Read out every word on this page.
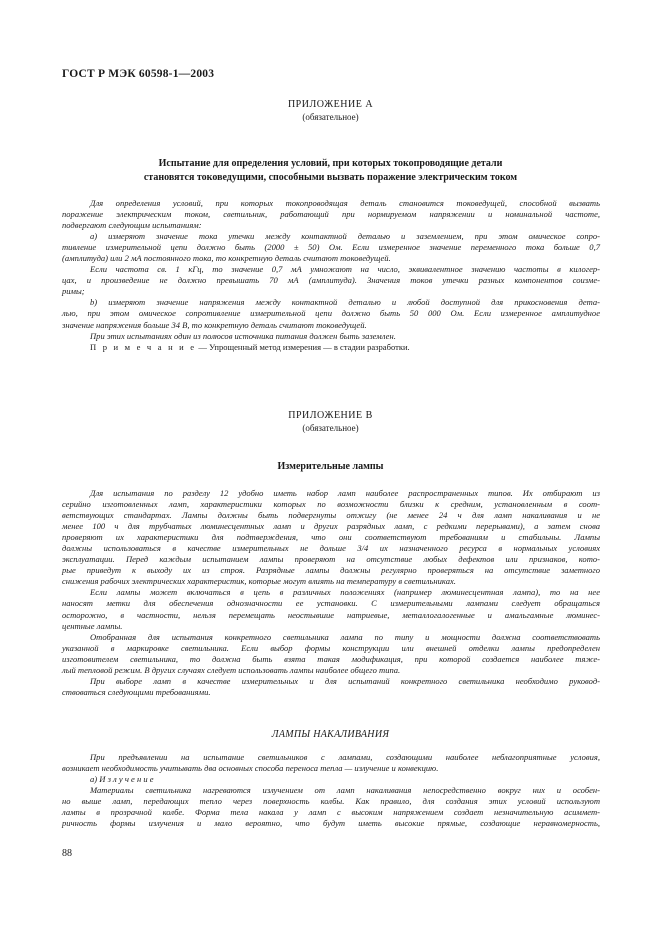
ГОСТ Р МЭК 60598-1—2003
ПРИЛОЖЕНИЕ А
(обязательное)
Испытание для определения условий, при которых токопроводящие детали
становятся токоведущими, способными вызвать поражение электрическим током
Для определения условий, при которых токопроводящая деталь становится токоведущей, способной вызвать
поражение электрическим током, светильник, работающий при нормируемом напряжении и номинальной частоте,
подвергают следующим испытаниям:
а) измеряют значение тока утечки между контактной деталью и заземлением, при этом омическое сопро-
тивление измерительной цепи должно быть (2000 ± 50) Ом. Если измеренное значение переменного тока больше 0,7
(амплитуда) или 2 мА постоянного тока, то конкретную деталь считают токоведущей.
Если частота св. 1 кГц, то значение 0,7 мА умножают на число, эквивалентное значению частоты в килогер-
цах, и произведение не должно превышать 70 мА (амплитуда). Значения токов утечки разных компонентов соизме-
римы;
b) измеряют значение напряжения между контактной деталью и любой доступной для прикосновения дета-
лью, при этом омическое сопротивление измерительной цепи должно быть 50 000 Ом. Если измеренное амплитудное
значение напряжения больше 34 В, то конкретную деталь считают токоведущей.
При этих испытаниях один из полюсов источника питания должен быть заземлен.
П р и м е ч а н и е — Упрощенный метод измерения — в стадии разработки.
ПРИЛОЖЕНИЕ В
(обязательное)
Измерительные лампы
Для испытания по разделу 12 удобно иметь набор ламп наиболее распространенных типов. Их отбирают из
серийно изготовленных ламп, характеристики которых по возможности близки к средним, установленным в соот-
ветствующих стандартах. Лампы должны быть подвергнуты отжигу (не менее 24 ч для ламп накаливания и не
менее 100 ч для трубчатых люминесцентных ламп и других разрядных ламп, с редкими перерывами), а затем снова
проверяют их характеристики для подтверждения, что они соответствуют требованиям и стабильны. Лампы
должны использоваться в качестве измерительных не дольше 3/4 их назначенного ресурса в нормальных условиях
эксплуатации. Перед каждым испытанием лампы проверяют на отсутствие любых дефектов или признаков, кото-
рые приведут к выходу их из строя. Разрядные лампы должны регулярно проверяться на отсутствие заметного
снижения рабочих электрических характеристик, которые могут влиять на температуру в светильниках.
Если лампы может включаться в цепь в различных положениях (например люминесцентная лампа), то на нее
наносят метки для обеспечения однозначности ее установки. С измерительными лампами следует обращаться
осторожно, в частности, нельзя перемещать неостывшие натриевые, металлогалогенные и амальгамные люминес-
центные лампы.
Отобранная для испытания конкретного светильника лампа по типу и мощности должна соответствовать
указанной в маркировке светильника. Если выбор формы конструкции или внешней отделки лампы предопределен
изготовителем светильника, то должна быть взята такая модификация, при которой создается наиболее тяже-
лый тепловой режим. В других случаях следует использовать лампы наиболее общего типа.
При выборе ламп в качестве измерительных и для испытаний конкретного светильника необходимо руковод-
ствоваться следующими требованиями.
ЛАМПЫ НАКАЛИВАНИЯ
При предъявлении на испытание светильников с лампами, создающими наиболее неблагоприятные условия,
возникает необходимость учитывать два основных способа переноса тепла — излучение и конвекцию.
а) И з л у ч е н и е
Материалы светильника нагреваются излучением от ламп накаливания непосредственно вокруг них и особен-
но выше ламп, передающих тепло через поверхность колбы. Как правило, для создания этих условий используют
лампы в прозрачной колбе. Форма тела накала у ламп с высоким напряжением создает незначительную асиммет-
ричность формы излучения и мало вероятно, что будут иметь высокие прямые, создающие неравномерность,
88
